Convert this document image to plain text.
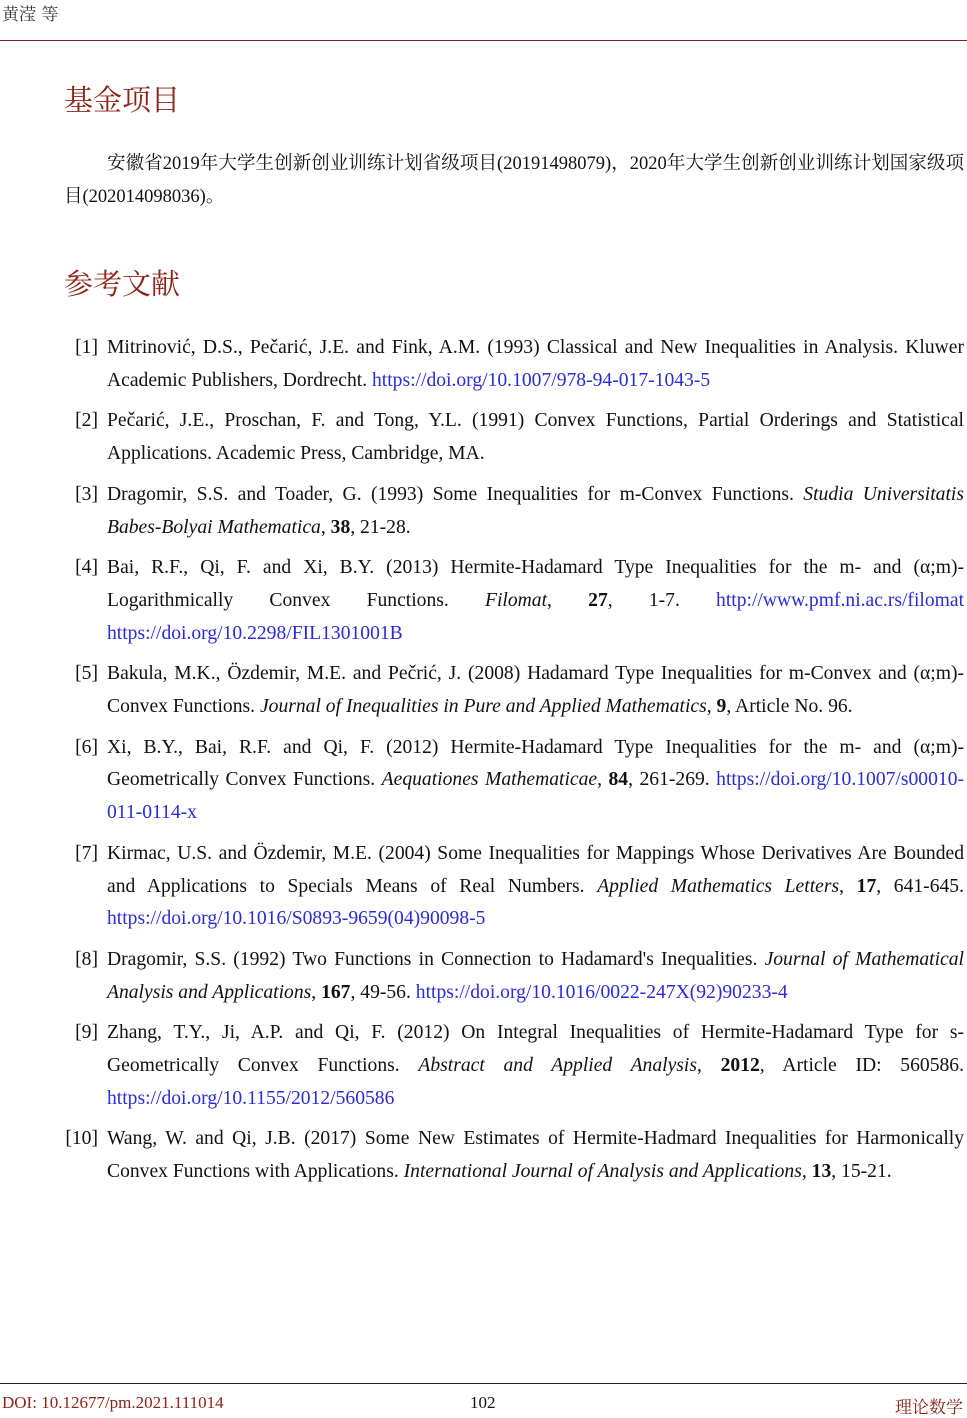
黄滢 等
基金项目
安徽省2019年大学生创新创业训练计划省级项目(20191498079)，2020年大学生创新创业训练计划国家级项目(202014098036)。
参考文献
[1] Mitrinović, D.S., Pečarić, J.E. and Fink, A.M. (1993) Classical and New Inequalities in Analysis. Kluwer Academic Publishers, Dordrecht. https://doi.org/10.1007/978-94-017-1043-5
[2] Pečarić, J.E., Proschan, F. and Tong, Y.L. (1991) Convex Functions, Partial Orderings and Statistical Applications. Academic Press, Cambridge, MA.
[3] Dragomir, S.S. and Toader, G. (1993) Some Inequalities for m-Convex Functions. Studia Universitatis Babes-Bolyai Mathematica, 38, 21-28.
[4] Bai, R.F., Qi, F. and Xi, B.Y. (2013) Hermite-Hadamard Type Inequalities for the m- and (α;m)-Logarithmically Convex Functions. Filomat, 27, 1-7. http://www.pmf.ni.ac.rs/filomat https://doi.org/10.2298/FIL1301001B
[5] Bakula, M.K., Özdemir, M.E. and Pečrić, J. (2008) Hadamard Type Inequalities for m-Convex and (α;m)-Convex Functions. Journal of Inequalities in Pure and Applied Mathematics, 9, Article No. 96.
[6] Xi, B.Y., Bai, R.F. and Qi, F. (2012) Hermite-Hadamard Type Inequalities for the m- and (α;m)-Geometrically Convex Functions. Aequationes Mathematicae, 84, 261-269. https://doi.org/10.1007/s00010-011-0114-x
[7] Kirmac, U.S. and Özdemir, M.E. (2004) Some Inequalities for Mappings Whose Derivatives Are Bounded and Applications to Specials Means of Real Numbers. Applied Mathematics Letters, 17, 641-645. https://doi.org/10.1016/S0893-9659(04)90098-5
[8] Dragomir, S.S. (1992) Two Functions in Connection to Hadamard's Inequalities. Journal of Mathematical Analysis and Applications, 167, 49-56. https://doi.org/10.1016/0022-247X(92)90233-4
[9] Zhang, T.Y., Ji, A.P. and Qi, F. (2012) On Integral Inequalities of Hermite-Hadamard Type for s-Geometrically Convex Functions. Abstract and Applied Analysis, 2012, Article ID: 560586. https://doi.org/10.1155/2012/560586
[10] Wang, W. and Qi, J.B. (2017) Some New Estimates of Hermite-Hadmard Inequalities for Harmonically Convex Functions with Applications. International Journal of Analysis and Applications, 13, 15-21.
DOI: 10.12677/pm.2021.111014	102	理论数学
